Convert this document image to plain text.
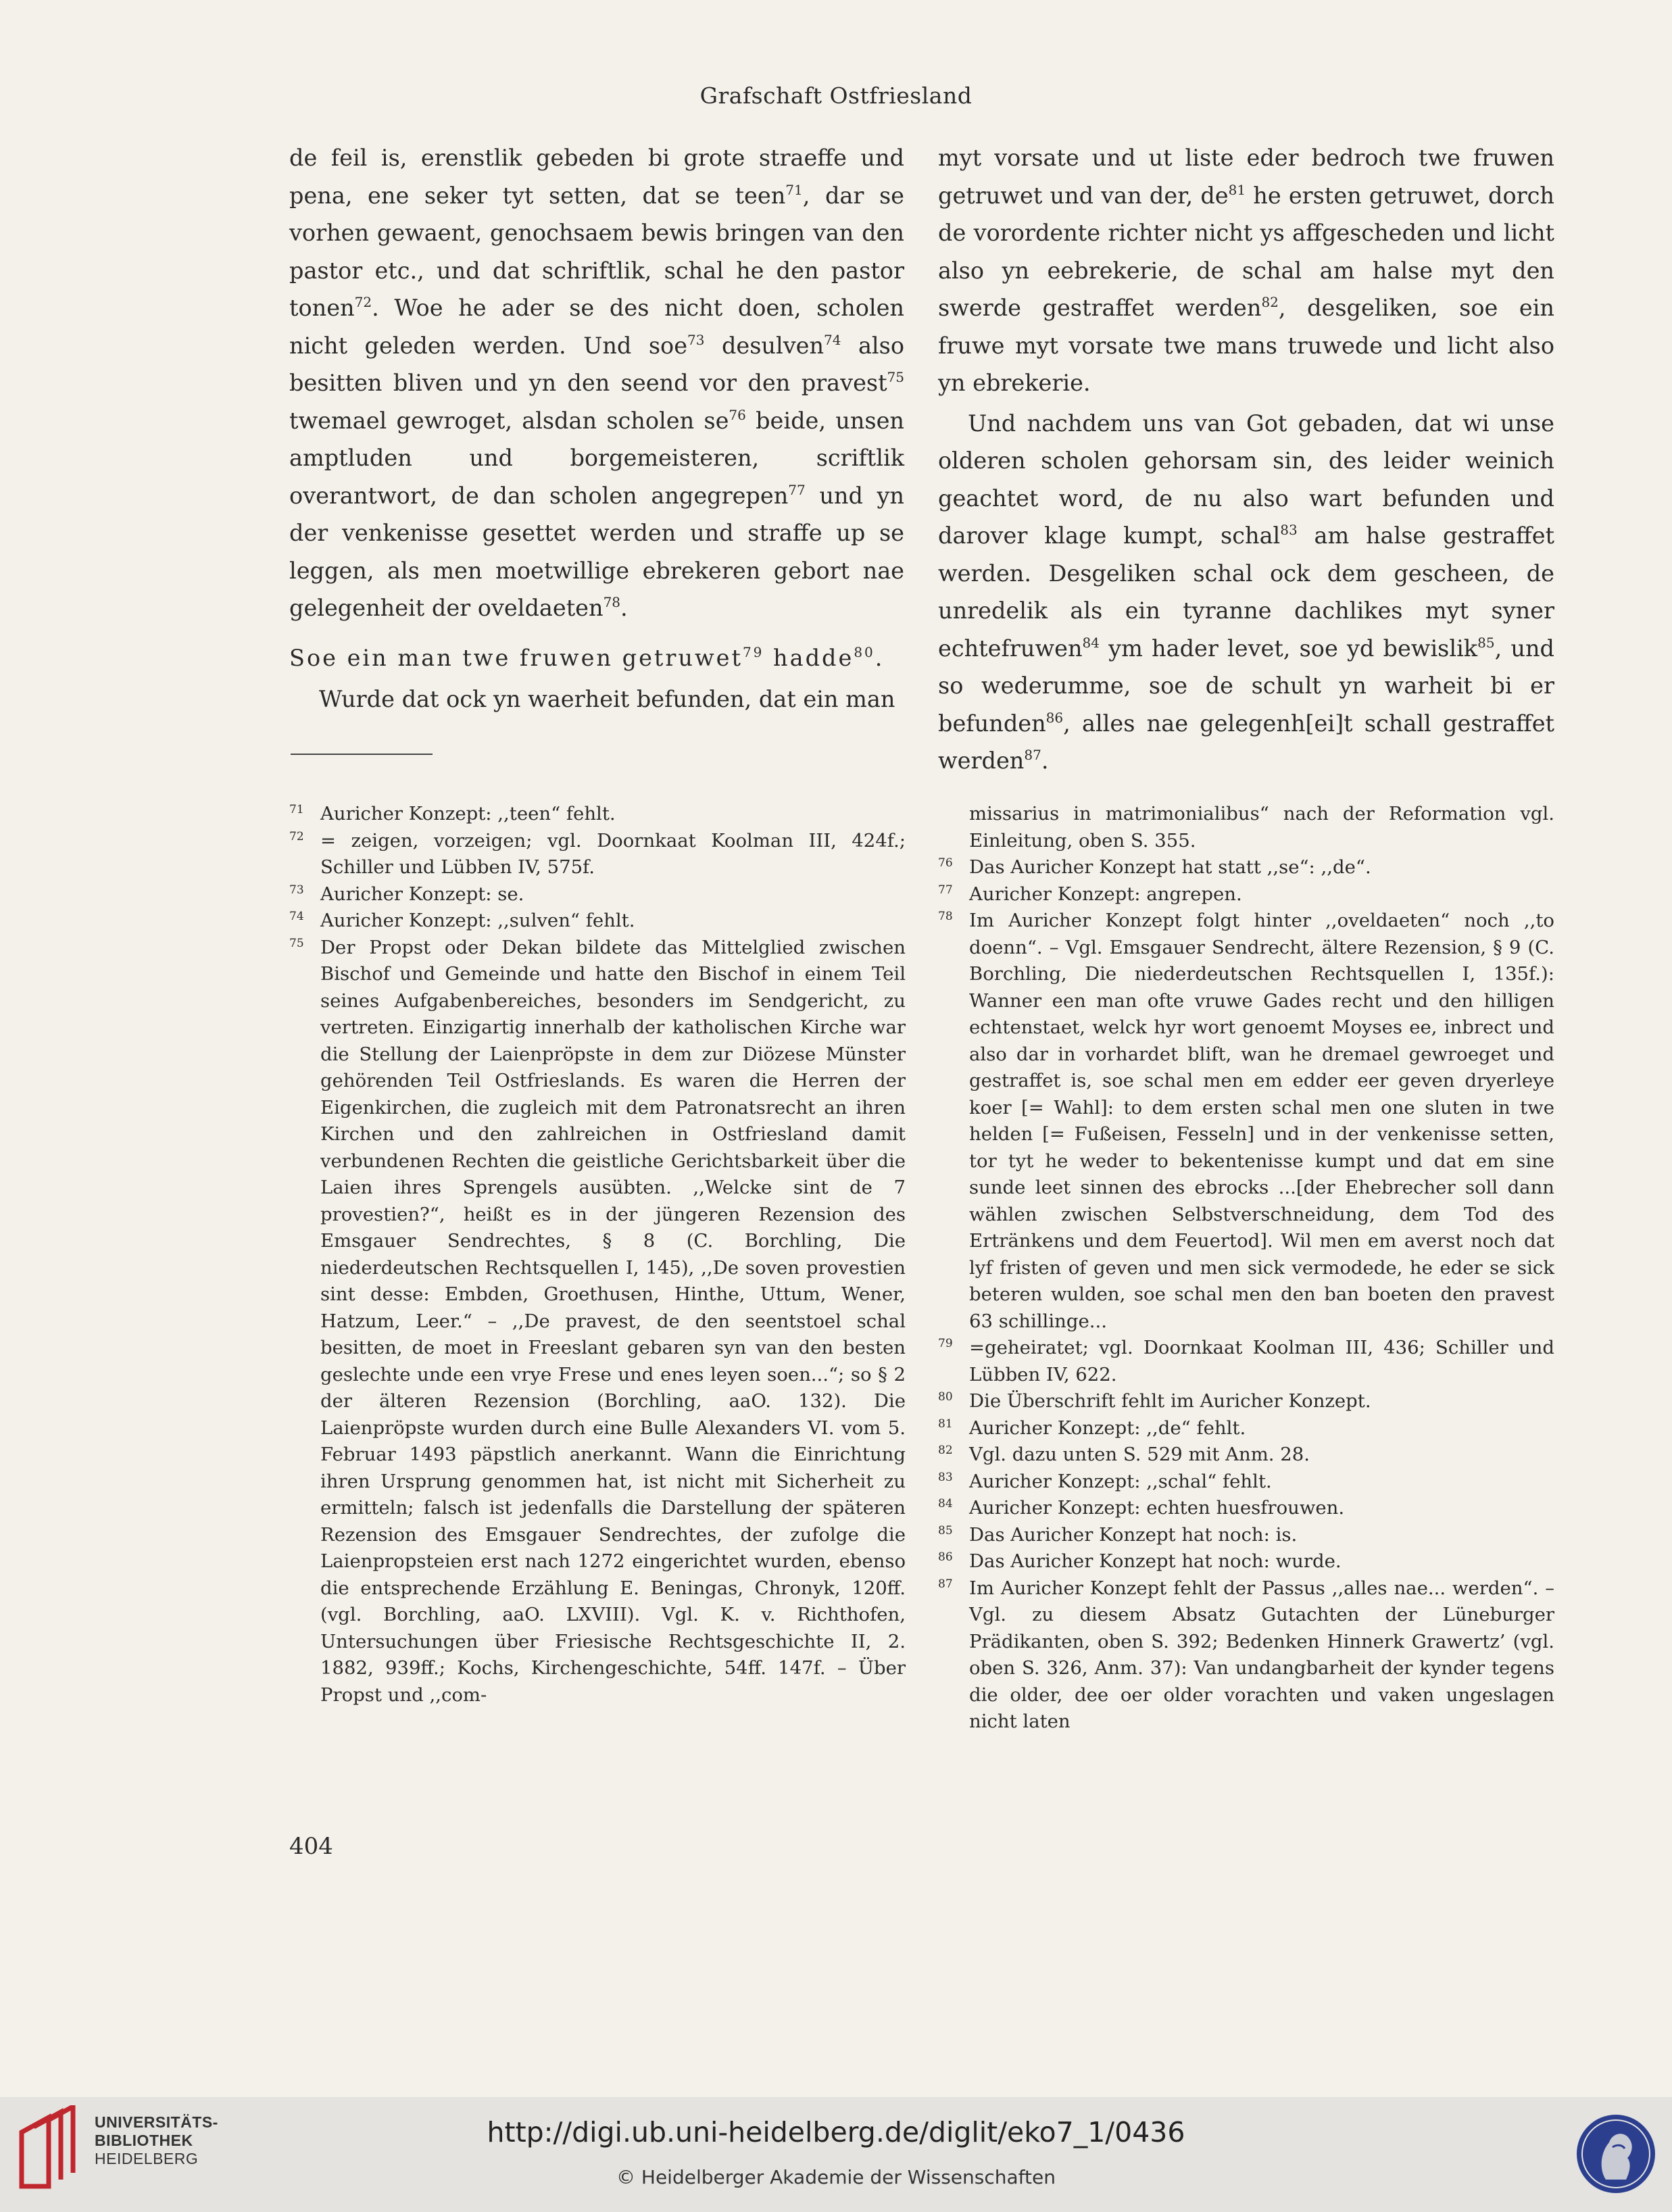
Grafschaft Ostfriesland

de feil is, erenstlik gebeden bi grote straeffe und pena, ene seker tyt setten, dat se teen$^{71}$, dar se vorhen gewaent, genochsaem bewis bringen van den pastor etc., und dat schriftlik, schal he den pastor tonen$^{72}$. Woe he ader se des nicht doen, scholen nicht geleden werden. Und soe$^{73}$ desulven$^{74}$ also besitten bliven und yn den seend vor den pravest$^{75}$ twemael gewroget, alsdan scholen $se^{76}$ beide, unsen amptluden und borgemeisteren, scriftlik overantwort, de dan scholen angegrepen$^{77}$ und yn der venkenisse gesettet werden und straffe up se leggen, als men moetwillige ebrekeren gebort nae gelegenheit der oveldaeten$^{78}$.

Soe ein man twe fruwen getruwet$^{79}$ hadde$^{80}$.

Wurde dat ock yn waerheit befunden, dat ein man

myt vorsate und ut liste eder bedroch twe fruwen getruwet und van der, $de^{81}$ he ersten getruwet, dorch de vorordente richter nicht ys affgescheden und licht also yn eebrekerie, de schal am halse myt den swerde gestraffet werden$^{82}$, desgeliken, soe ein fruwe myt vorsate twe mans truwede und licht also yn ebrekerie.

Und nachdem uns van Got gebaden, dat wi unse olderen scholen gehorsam sin, des leider weinich geachtet word, de nu also wart befunden und darover klage kumpt, schal$^{83}$ am halse gestraffet werden. Desgeliken schal ock dem gescheen, de unredelik als ein tyranne dachlikes myt syner echtefruwen$^{84}$ ym hader levet, soe yd bewislik$^{85}$, und so wederumme, soe de schult yn warheit bi er befunden$^{86}$, alles nae gelegenh[ei]t schall gestraffet werden$^{87}$.

71 Auricher Konzept: ,,teen“ fehlt.

72 = zeigen, vorzeigen; vgl. Doornkaat Koolman III, 424f.; Schiller und Lübben IV, 575f.

73 Auricher Konzept: se.

74 Auricher Konzept: ,,sulven“ fehlt.

75 Der Propst oder Dekan bildete das Mittelglied zwischen Bischof und Gemeinde und hatte den Bischof in einem Teil seines Aufgabenbereiches, besonders im Sendgericht, zu vertreten. Einzigartig innerhalb der katholischen Kirche war die Stellung der Laienpröpste in dem zur Diözese Münster gehörenden Teil Ostfrieslands. Es waren die Herren der Eigenkirchen, die zugleich mit dem Patronatsrecht an ihren Kirchen und den zahlreichen in Ostfriesland damit verbundenen Rechten die geistliche Gerichtsbarkeit über die Laien ihres Sprengels ausübten. ,,Welcke sint de 7 provestien?“, heißt es in der jüngeren Rezension des Emsgauer Sendrechtes, § 8 (C. Borchling, Die niederdeutschen Rechtsquellen I, 145), ,,De soven provestien sint desse: Embden, Groethusen, Hinthe, Uttum, Wener, Hatzum, Leer.“ – ,,De pravest, de den seentstoel schal besitten, de moet in Freeslant gebaren syn van den besten geslechte unde een vrye Frese und enes leyen soen...“; so § 2 der älteren Rezension (Borchling, aaO. 132). Die Laienpröpste wurden durch eine Bulle Alexanders VI. vom 5. Februar 1493 päpstlich anerkannt. Wann die Einrichtung ihren Ursprung genommen hat, ist nicht mit Sicherheit zu ermitteln; falsch ist jedenfalls die Darstellung der späteren Rezension des Emsgauer Sendrechtes, der zufolge die Laienpropsteien erst nach 1272 eingerichtet wurden, ebenso die entsprechende Erzählung E. Beningas, Chronyk, 120ff. (vgl. Borchling, aaO. LXVIII). Vgl. K. v. Richthofen, Untersuchungen über Friesische Rechtsgeschichte II, 2. 1882, 939ff.; Kochs, Kirchengeschichte, 54ff. 147f. – Über Propst und ,,com-

missarius in matrimonialibus“ nach der Reformation vgl. Einleitung, oben S. 355.

76 Das Auricher Konzept hat statt ,,se“: ,,de“.

77 Auricher Konzept: angrepen.

78 Im Auricher Konzept folgt hinter ,,oveldaeten“ noch ,,to doenn“. – Vgl. Emsgauer Sendrecht, ältere Rezension, § 9 (C. Borchling, Die niederdeutschen Rechtsquellen I, 135f.): Wanner een man ofte vruwe Gades recht und den hilligen echtenstaet, welck hyr wort genoemt Moyses ee, inbrect und also dar in vorhardet blift, wan he dremael gewroeget und gestraffet is, soe schal men em edder eer geven dryerleye koer [= Wahl]: to dem ersten schal men one sluten in twe helden [= Fußeisen, Fesseln] und in der venkenisse setten, tor tyt he weder to bekentenisse kumpt und dat em sine sunde leet sinnen des ebrocks ...[der Ehebrecher soll dann wählen zwischen Selbstverschneidung, dem Tod des Ertränkens und dem Feuertod]. Wil men em averst noch dat lyf fristen of geven und men sick vermodede, he eder se sick beteren wulden, soe schal men den ban boeten den pravest 63 schillinge...

79 =geheiratet; vgl. Doornkaat Koolman III, 436; Schiller und Lübben IV, 622.

80 Die Überschrift fehlt im Auricher Konzept.

81 Auricher Konzept: ,,de“ fehlt.

82 Vgl. dazu unten S. 529 mit Anm. 28.

83 Auricher Konzept: ,,schal“ fehlt.

84 Auricher Konzept: echten huesfrouwen.

85 Das Auricher Konzept hat noch: is.

86 Das Auricher Konzept hat noch: wurde.

87 Im Auricher Konzept fehlt der Passus ,,alles nae... werden“. – Vgl. zu diesem Absatz Gutachten der Lüneburger Prädikanten, oben S. 392; Bedenken Hinnerk Grawertz’ (vgl. oben S. 326, Anm. 37): Van undangbarheit der kynder tegens die older, dee oer older vorachten und vaken ungeslagen nicht laten

404
UNIVERSITÄTS-
BIBLIOTHEK
HEIDELBERG
http://digi.ub.uni-heidelberg.de/diglit/eko7_1/0436
© Heidelberger Akademie der Wissenschaften
